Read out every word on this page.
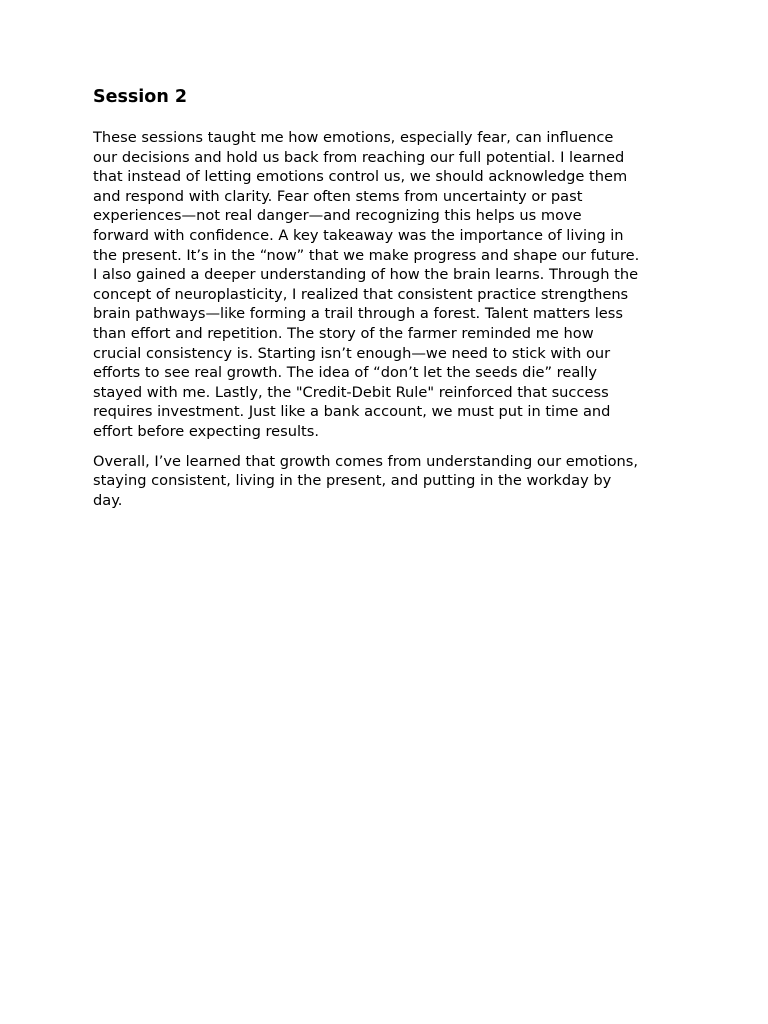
Session 2
These sessions taught me how emotions, especially fear, can influence
our decisions and hold us back from reaching our full potential. I learned
that instead of letting emotions control us, we should acknowledge them
and respond with clarity. Fear often stems from uncertainty or past
experiences—not real danger—and recognizing this helps us move
forward with confidence. A key takeaway was the importance of living in
the present. It’s in the “now” that we make progress and shape our future.
I also gained a deeper understanding of how the brain learns. Through the
concept of neuroplasticity, I realized that consistent practice strengthens
brain pathways—like forming a trail through a forest. Talent matters less
than effort and repetition. The story of the farmer reminded me how
crucial consistency is. Starting isn’t enough—we need to stick with our
efforts to see real growth. The idea of “don’t let the seeds die” really
stayed with me. Lastly, the "Credit-Debit Rule" reinforced that success
requires investment. Just like a bank account, we must put in time and
effort before expecting results.
Overall, I’ve learned that growth comes from understanding our emotions,
staying consistent, living in the present, and putting in the workday by
day.
